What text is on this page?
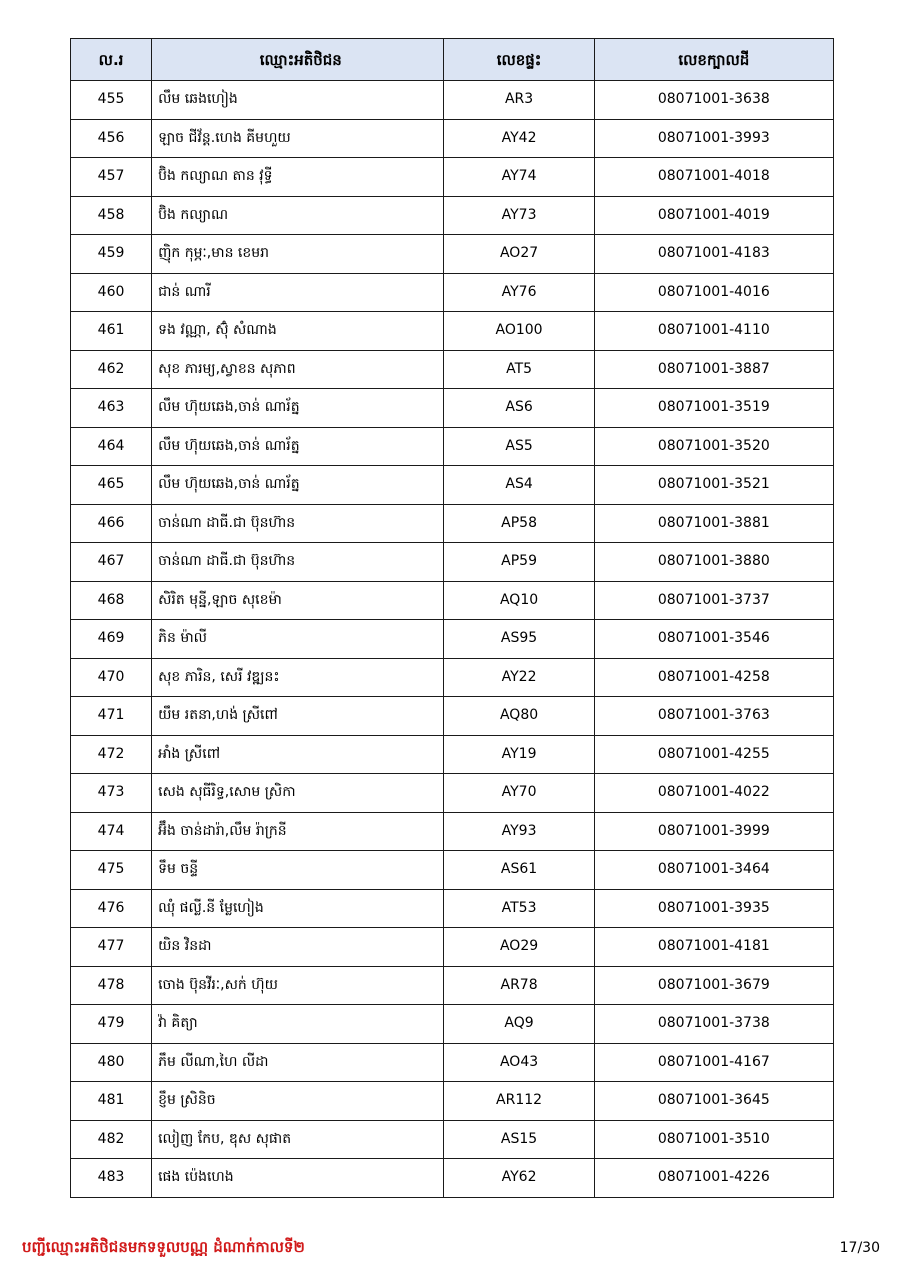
ល.រ	ឈ្មោះអតិថិជន	លេខផ្ទះ	លេខក្បាលដី
455	លឹម ឆេងហៀង	AR3	08071001-3638
456	ឡាច ជីវ័ន្ត.ហេង គីមហួយ	AY42	08071001-3993
457	ប៊ិង កល្យាណ តាន វុទ្ធី	AY74	08071001-4018
458	ប៊ិង កល្យាណ	AY73	08071001-4019
459	ញ៉ិក កុម្ភៈ,មាន ខេមរា	AO27	08071001-4183
460	ជាន់ ណារី	AY76	08071001-4016
461	ទង វណ្ណា, ស៊ុំ សំណាង	AO100	08071001-4110
462	សុខ ភារម្យ,ស្វាខន សុភាព	AT5	08071001-3887
463	លឹម ហ៊ុយឆេង,ចាន់ ណារ័ត្ន	AS6	08071001-3519
464	លឹម ហ៊ុយឆេង,ចាន់ ណារ័ត្ន	AS5	08071001-3520
465	លឹម ហ៊ុយឆេង,ចាន់ ណារ័ត្ន	AS4	08071001-3521
466	ចាន់ណា ដាធី.ជា ប៊ុនហ៊ាន	AP58	08071001-3881
467	ចាន់ណា ដាធី.ជា ប៊ុនហ៊ាន	AP59	08071001-3880
468	សិរិត មុន្នី,ឡាច សុខេម៉ា	AQ10	08071001-3737
469	ភិន ម៉ាលី	AS95	08071001-3546
470	សុខ ភារិន, សេរី វឌ្ឍនះ	AY22	08071001-4258
471	យឹម រតនា,ហង់ ស្រីពៅ	AQ80	08071001-3763
472	អាំង ស្រីពៅ	AY19	08071001-4255
473	សេង សុធីរិទ្ធ,សោម ស្រិកា	AY70	08071001-4022
474	អ៊ឹង ចាន់ដារ៉ា,លឹម រ៉ាក្រនី	AY93	08071001-3999
475	ទឹម ចន្ទី	AS61	08071001-3464
476	ឈុំ ផល្លី.នី ម្លែហៀង	AT53	08071001-3935
477	យិន វិនដា	AO29	08071001-4181
478	ចោង ប៊ុនវីរៈ,សក់ ហ៊ុយ	AR78	08071001-3679
479	វ៉ា គិត្យា	AQ9	08071001-3738
480	ភឹម លីណា,ហៃ លីដា	AO43	08071001-4167
481	ខ្ញឹម ស្រិនិច	AR112	08071001-3645
482	លៀញ កែប, ឌុស សុផាត	AS15	08071001-3510
483	ផេង ប៉េងហេង	AY62	08071001-4226
បញ្ជីឈ្មោះអតិថិជនមកទទួលបណ្ណ ដំណាក់កាលទី២	17/30
